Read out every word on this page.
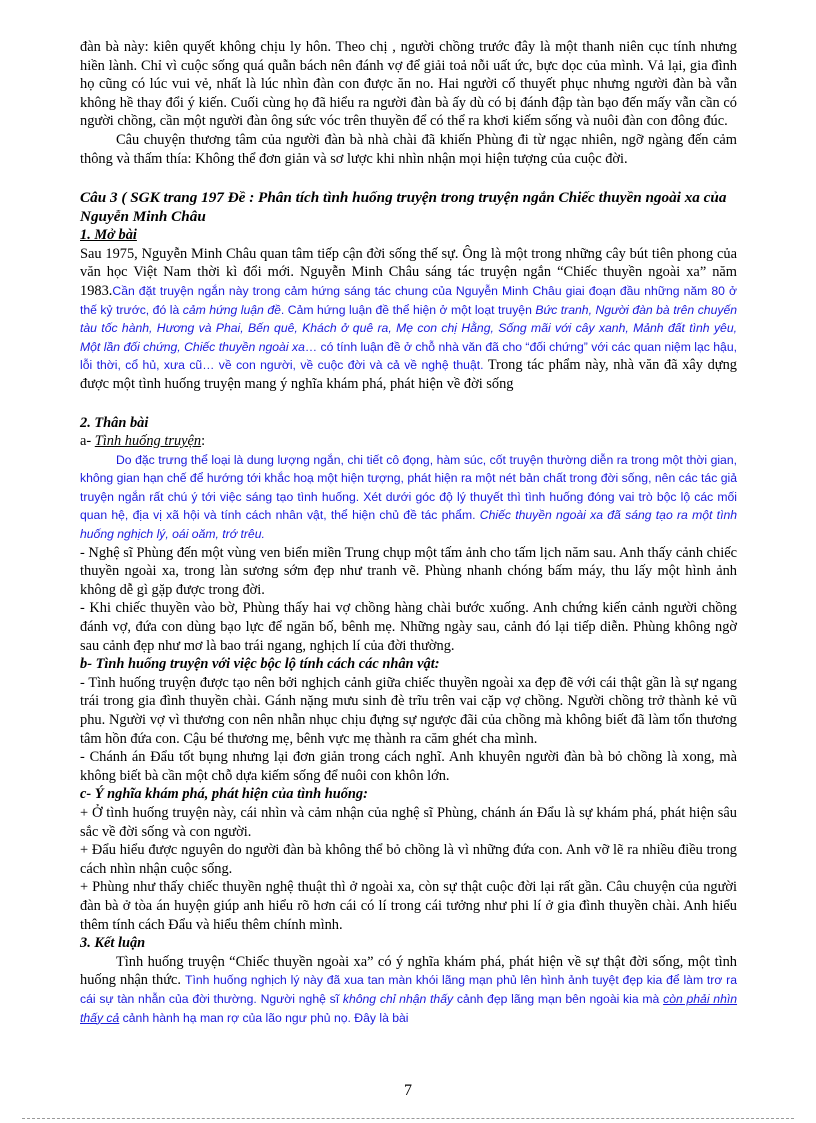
đàn bà này: kiên quyết không chịu ly hôn. Theo chị , người chồng trước đây là một thanh niên cục tính nhưng hiền lành. Chỉ vì cuộc sống quá quẫn bách nên đánh vợ để giải toả nỗi uất ức, bực dọc của mình. Vả lại, gia đình họ cũng có lúc vui vẻ, nhất là lúc nhìn đàn con được ăn no. Hai người cố thuyết phục nhưng người đàn bà vẫn không hề thay đổi ý kiến. Cuối cùng họ đã hiểu ra người đàn bà ấy dù có bị đánh đập tàn bạo đến mấy vẫn cần có người chồng, cần một người đàn ông sức vóc trên thuyền để có thể ra khơi kiếm sống và nuôi đàn con đông đúc.

Câu chuyện thương tâm của người đàn bà nhà chài đã khiến Phùng đi từ ngạc nhiên, ngỡ ngàng đến cảm thông và thấm thía: Không thể đơn giản và sơ lược khi nhìn nhận mọi hiện tượng của cuộc đời.

Câu 3 ( SGK trang 197 Đề : Phân tích tình huống truyện trong truyện ngắn Chiếc thuyền ngoài xa của Nguyễn Minh Châu

1. Mở bài

Sau 1975, Nguyễn Minh Châu quan tâm tiếp cận đời sống thế sự. Ông là một trong những cây bút tiên phong của văn học Việt Nam thời kì đổi mới. Nguyễn Minh Châu sáng tác truyện ngắn “Chiếc thuyền ngoài xa” năm 1983.Cần đặt truyện ngắn này trong cảm hứng sáng tác chung của Nguyễn Minh Châu giai đoạn đầu những năm 80 ở thế kỷ trước, đó là cảm hứng luận đề. Cảm hứng luận đề thể hiện ở một loạt truyện Bức tranh, Người đàn bà trên chuyến tàu tốc hành, Hương và Phai, Bến quê, Khách ở quê ra, Mẹ con chị Hằng, Sống mãi với cây xanh, Mảnh đất tình yêu, Một lần đối chứng, Chiếc thuyền ngoài xa… có tính luận đề ở chỗ nhà văn đã cho “đối chứng” với các quan niệm lạc hậu, lỗi thời, cổ hủ, xưa cũ… về con người, về cuộc đời và cả về nghệ thuật. Trong tác phẩm này, nhà văn đã xây dựng được một tình huống truyện mang ý nghĩa khám phá, phát hiện về đời sống

2. Thân bài

a- Tình huống truyện:

Do đặc trưng thể loại là dung lượng ngắn, chi tiết cô đọng, hàm súc, cốt truyện thường diễn ra trong một thời gian, không gian hạn chế để hướng tới khắc hoạ một hiện tượng, phát hiện ra một nét bản chất trong đời sống, nên các tác giả truyện ngắn rất chú ý tới việc sáng tạo tình huống. Xét dưới góc độ lý thuyết thì tình huống đóng vai trò bộc lộ các mối quan hệ, địa vị xã hội và tính cách nhân vật, thể hiện chủ đề tác phẩm. Chiếc thuyền ngoài xa đã sáng tạo ra một tình huống nghịch lý, oái oăm, trớ trêu.

- Nghệ sĩ Phùng đến một vùng ven biển miền Trung chụp một tấm ảnh cho tấm lịch năm sau. Anh thấy cảnh chiếc thuyền ngoài xa, trong làn sương sớm đẹp như tranh vẽ. Phùng nhanh chóng bấm máy, thu lấy một hình ảnh không dễ gì gặp được trong đời.

- Khi chiếc thuyền vào bờ, Phùng thấy hai vợ chồng hàng chài bước xuống. Anh chứng kiến cảnh người chồng đánh vợ, đứa con dùng bạo lực để ngăn bố, bênh mẹ. Những ngày sau, cảnh đó lại tiếp diễn. Phùng không ngờ sau cảnh đẹp như mơ là bao trái ngang, nghịch lí của đời thường.

b- Tình huống truyện với việc bộc lộ tính cách các nhân vật:

- Tình huống truyện được tạo nên bởi nghịch cảnh giữa chiếc thuyền ngoài xa đẹp đẽ với cái thật gần là sự ngang trái trong gia đình thuyền chài. Gánh nặng mưu sinh đè trĩu trên vai cặp vợ chồng. Người chồng trở thành kẻ vũ phu. Người vợ vì thương con nên nhẫn nhục chịu đựng sự ngược đãi của chồng mà không biết đã làm tổn thương tâm hồn đứa con. Cậu bé thương mẹ, bênh vực mẹ thành ra căm ghét cha mình.

- Chánh án Đẩu tốt bụng nhưng lại đơn giản trong cách nghĩ. Anh khuyên người đàn bà bỏ chồng là xong, mà không biết bà cần một chỗ dựa kiếm sống để nuôi con khôn lớn.

c- Ý nghĩa khám phá, phát hiện của tình huống:

+ Ở tình huống truyện này, cái nhìn và cảm nhận của nghệ sĩ Phùng, chánh án Đẩu là sự khám phá, phát hiện sâu sắc về đời sống và con người.

+ Đẩu hiểu được nguyên do người đàn bà không thể bỏ chồng là vì những đứa con. Anh vỡ lẽ ra nhiều điều trong cách nhìn nhận cuộc sống.

+ Phùng như thấy chiếc thuyền nghệ thuật thì ở ngoài xa, còn sự thật cuộc đời lại rất gần. Câu chuyện của người đàn bà ở tòa án huyện giúp anh hiểu rõ hơn cái có lí trong cái tưởng như phi lí ở gia đình thuyền chài. Anh hiểu thêm tính cách Đẩu và hiểu thêm chính mình.

3. Kết luận

Tình huống truyện “Chiếc thuyền ngoài xa” có ý nghĩa khám phá, phát hiện về sự thật đời sống, một tình huống nhận thức. Tình huống nghịch lý này đã xua tan màn khói lãng mạn phủ lên hình ảnh tuyệt đẹp kia để làm trơ ra cái sự tàn nhẫn của đời thường. Người nghệ sĩ không chỉ nhận thấy cảnh đẹp lãng mạn bên ngoài kia mà còn phải nhìn thấy cả cảnh hành hạ man rợ của lão ngư phủ nọ. Đây là bài

7
